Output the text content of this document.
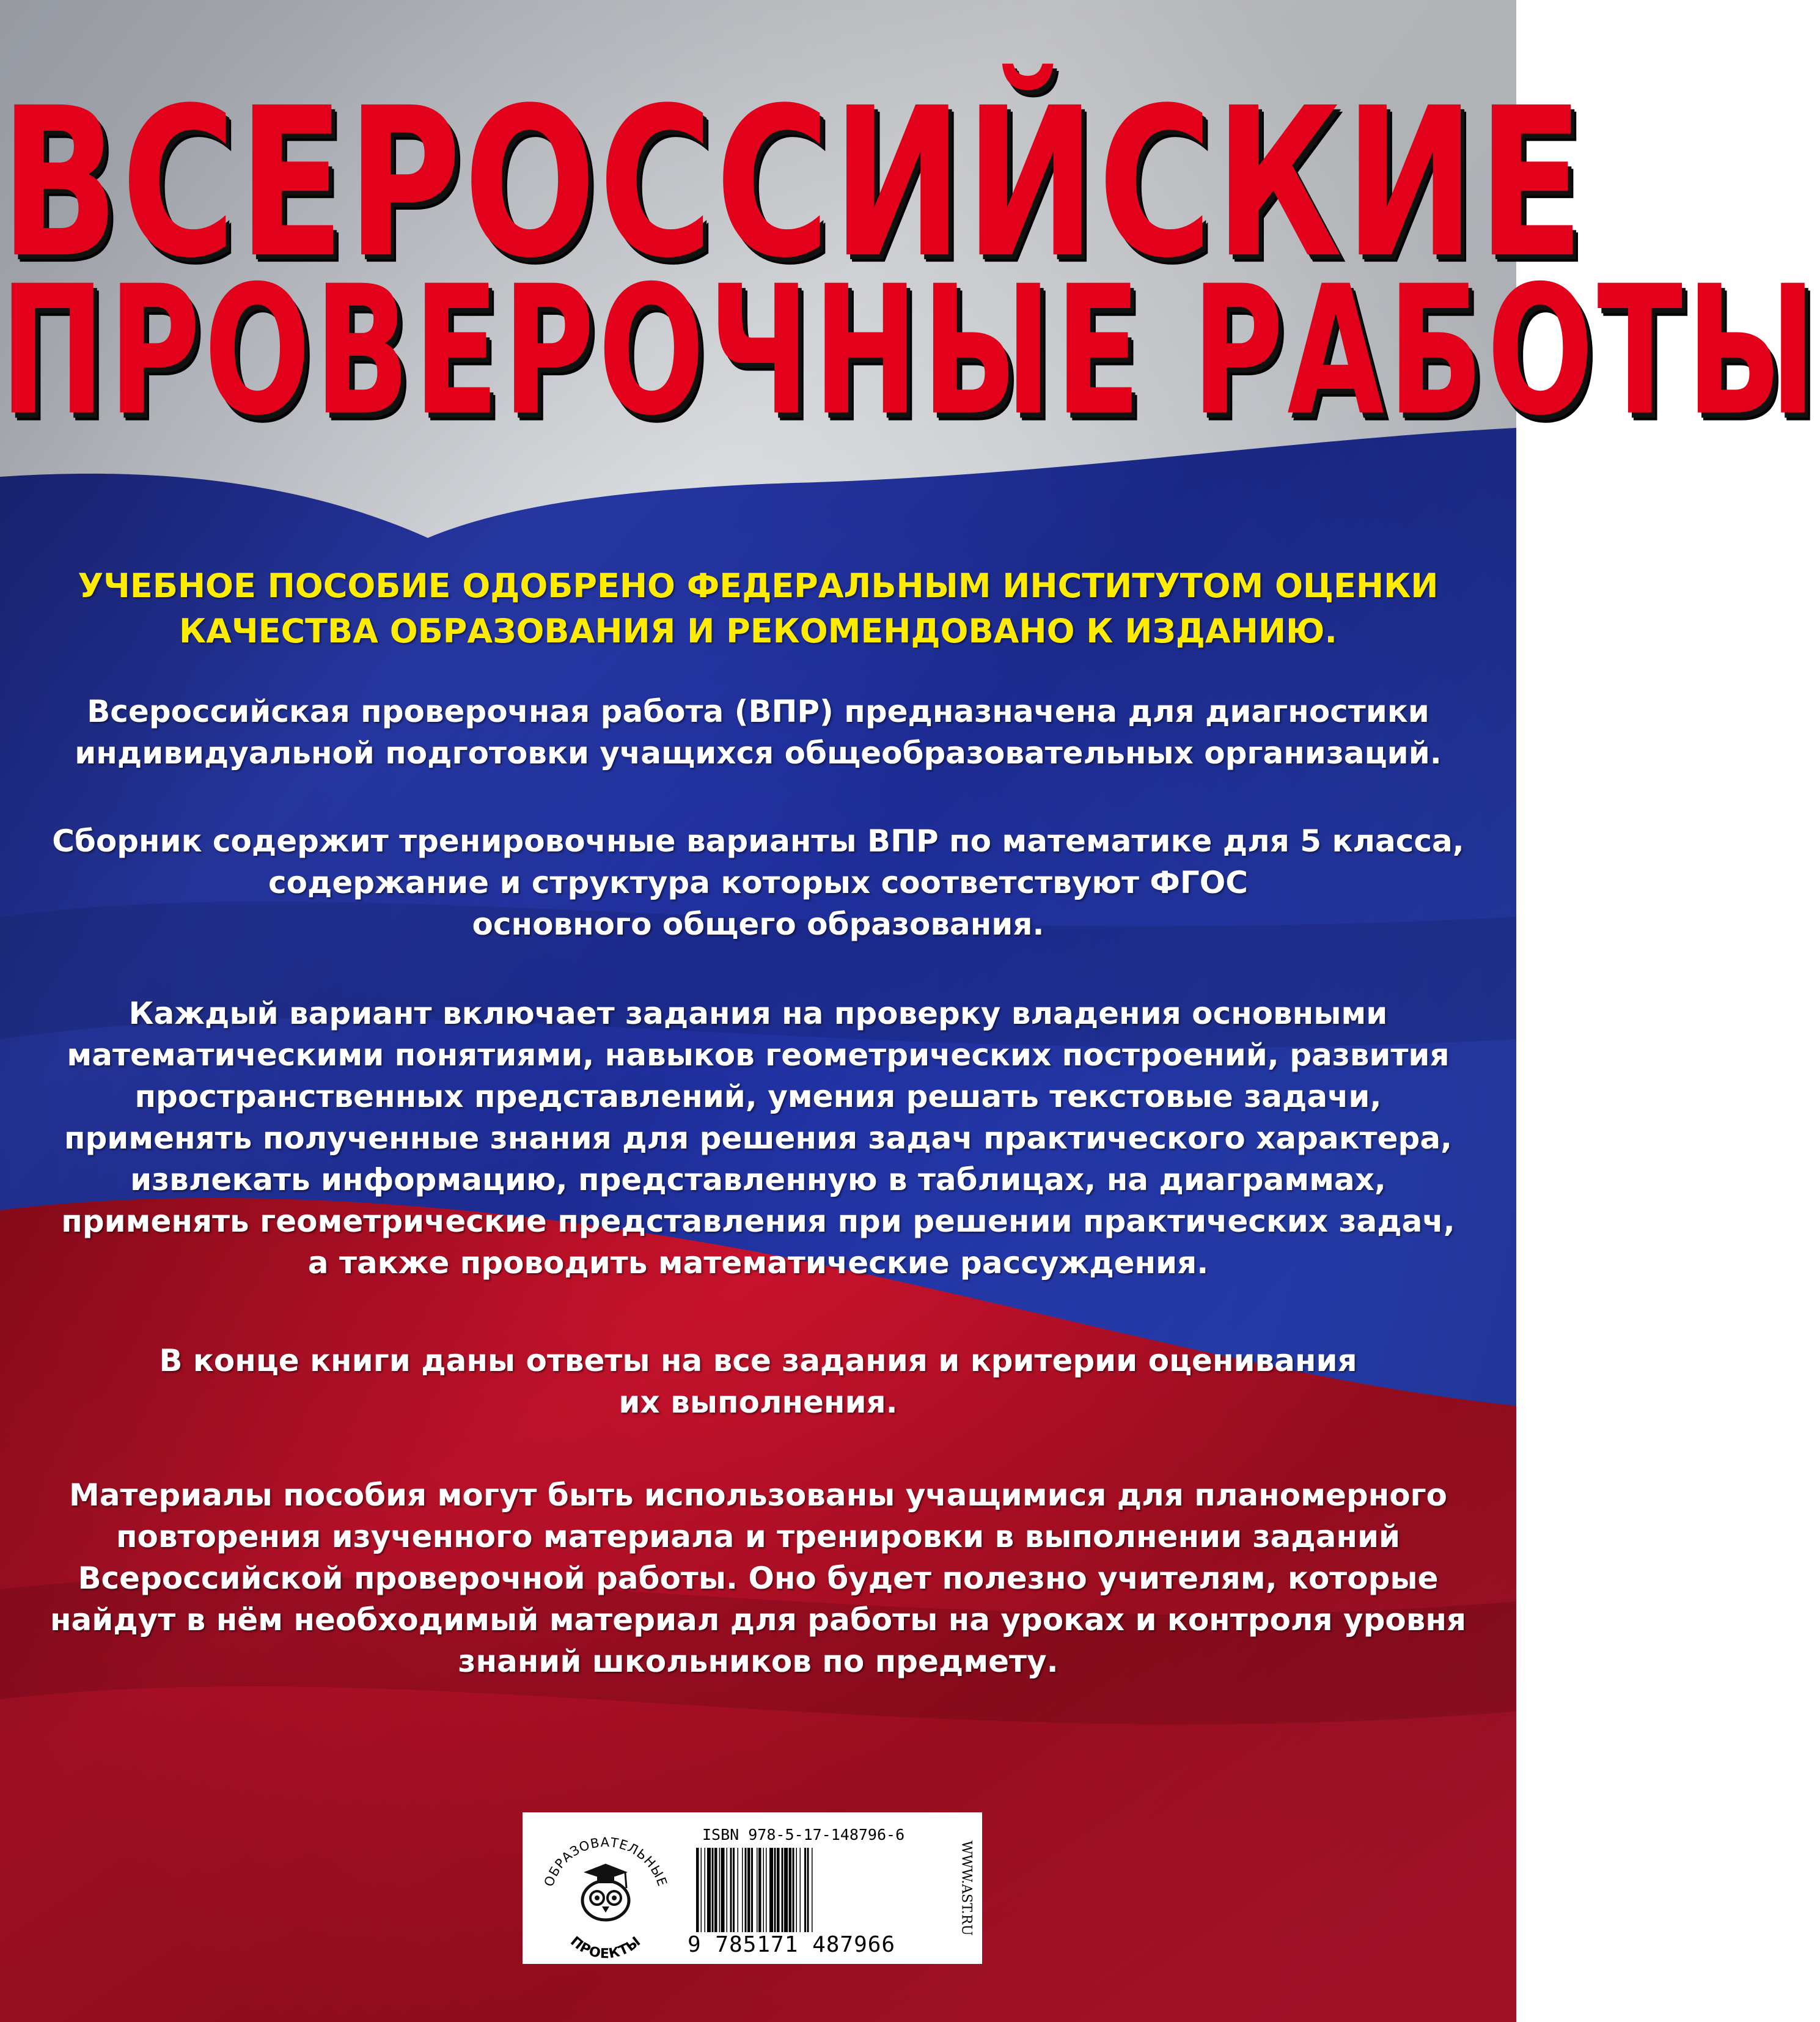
ВСЕРОССИЙСКИЕ
ПРОВЕРОЧНЫЕ РАБОТЫ
УЧЕБНОЕ ПОСОБИЕ ОДОБРЕНО ФЕДЕРАЛЬНЫМ ИНСТИТУТОМ ОЦЕНКИ
КАЧЕСТВА ОБРАЗОВАНИЯ И РЕКОМЕНДОВАНО К ИЗДАНИЮ.
Всероссийская проверочная работа (ВПР) предназначена для диагностики
индивидуальной подготовки учащихся общеобразовательных организаций.
Сборник содержит тренировочные варианты ВПР по математике для 5 класса,
содержание и структура которых соответствуют ФГОС
основного общего образования.
Каждый вариант включает задания на проверку владения основными
математическими понятиями, навыков геометрических построений, развития
пространственных представлений, умения решать текстовые задачи,
применять полученные знания для решения задач практического характера,
извлекать информацию, представленную в таблицах, на диаграммах,
применять геометрические представления при решении практических задач,
а также проводить математические рассуждения.
В конце книги даны ответы на все задания и критерии оценивания
их выполнения.
Материалы пособия могут быть использованы учащимися для планомерного
повторения изученного материала и тренировки в выполнении заданий
Всероссийской проверочной работы. Оно будет полезно учителям, которые
найдут в нём необходимый материал для работы на уроках и контроля уровня
знаний школьников по предмету.
ОБРАЗОВАТЕЛЬНЫЕ
ПРОЕКТЫ
ISBN 978-5-17-148796-6
9 785171 487966
WWW.AST.RU
